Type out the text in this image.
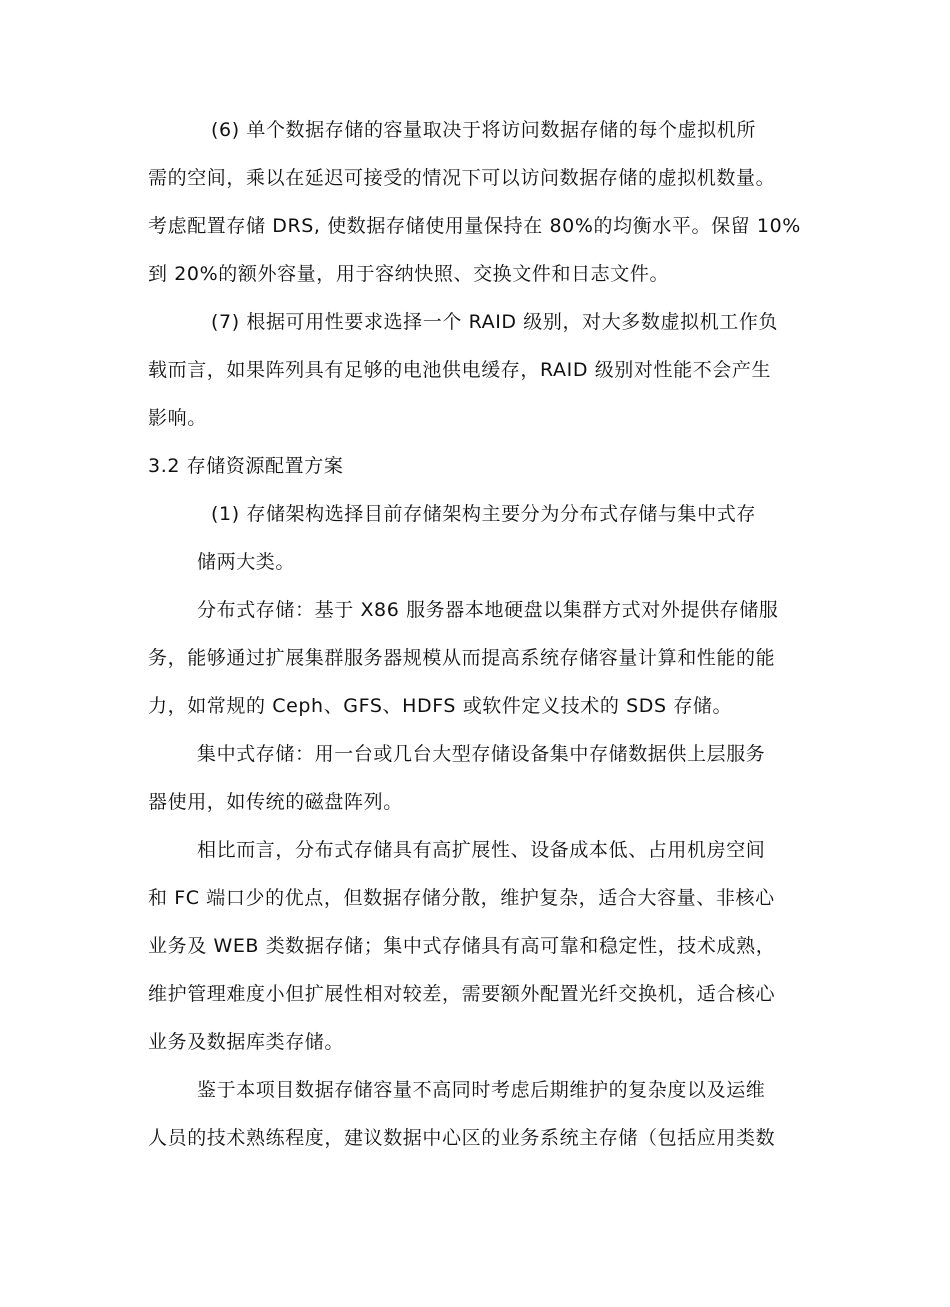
(6) 单个数据存储的容量取决于将访问数据存储的每个虚拟机所
需的空间，乘以在延迟可接受的情况下可以访问数据存储的虚拟机数量。
考虑配置存储 DRS, 使数据存储使用量保持在 80%的均衡水平。保留 10%
到 20%的额外容量，用于容纳快照、交换文件和日志文件。
(7) 根据可用性要求选择一个 RAID 级别，对大多数虚拟机工作负
载而言，如果阵列具有足够的电池供电缓存，RAID 级别对性能不会产生
影响。
3.2 存储资源配置方案
(1) 存储架构选择目前存储架构主要分为分布式存储与集中式存
储两大类。
分布式存储：基于 X86 服务器本地硬盘以集群方式对外提供存储服
务，能够通过扩展集群服务器规模从而提高系统存储容量计算和性能的能
力，如常规的 Ceph、GFS、HDFS 或软件定义技术的 SDS 存储。
集中式存储：用一台或几台大型存储设备集中存储数据供上层服务
器使用，如传统的磁盘阵列。
相比而言，分布式存储具有高扩展性、设备成本低、占用机房空间
和 FC 端口少的优点，但数据存储分散，维护复杂，适合大容量、非核心
业务及 WEB 类数据存储；集中式存储具有高可靠和稳定性，技术成熟，
维护管理难度小但扩展性相对较差，需要额外配置光纤交换机，适合核心
业务及数据库类存储。
鉴于本项目数据存储容量不高同时考虑后期维护的复杂度以及运维
人员的技术熟练程度，建议数据中心区的业务系统主存储（包括应用类数
